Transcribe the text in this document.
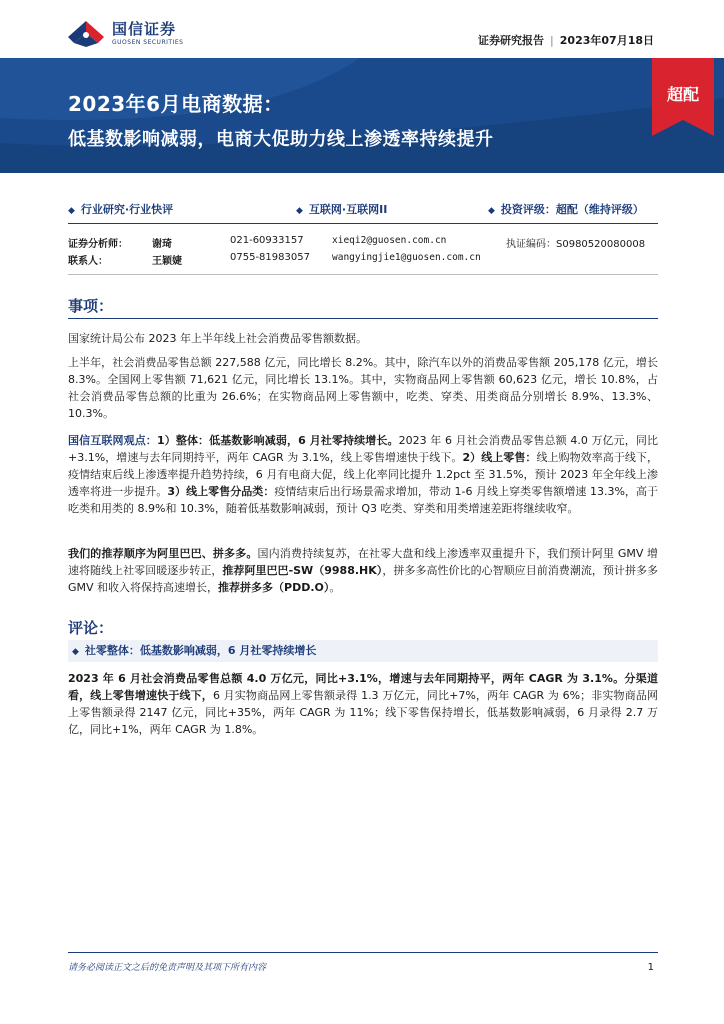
国信证券
GUOSEN SECURITIES	证券研究报告 | 2023年07月18日
2023年6月电商数据：
低基数影响减弱，电商大促助力线上渗透率持续提升
超配
◆ 行业研究·行业快评	◆ 互联网·互联网II	◆ 投资评级：超配（维持评级）
证券分析师： 谢琦	021-60933157	xieqi2@guosen.com.cn	执证编码：S0980520080008
联系人：	王颖婕	0755-81983057 wangyingjie1@guosen.com.cn
事项：
国家统计局公布 2023 年上半年线上社会消费品零售额数据。
上半年，社会消费品零售总额 227,588 亿元，同比增长 8.2%。其中，除汽车以外的消费品零售额 205,178 亿元，增长 8.3%。全国网上零售额 71,621 亿元，同比增长 13.1%。其中，实物商品网上零售额 60,623 亿元，增长 10.8%，占社会消费品零售总额的比重为 26.6%；在实物商品网上零售额中，吃类、穿类、用类商品分别增长 8.9%、13.3%、10.3%。
国信互联网观点：1）整体：低基数影响减弱，6 月社零持续增长。2023 年 6 月社会消费品零售总额 4.0 万亿元，同比+3.1%，增速与去年同期持平，两年 CAGR 为 3.1%，线上零售增速快于线下。2）线上零售：线上购物效率高于线下，疫情结束后线上渗透率提升趋势持续，6 月有电商大促，线上化率同比提升 1.2pct 至 31.5%，预计 2023 年全年线上渗透率将进一步提升。3）线上零售分品类：疫情结束后出行场景需求增加，带动 1-6 月线上穿类零售额增速 13.3%，高于吃类和用类的 8.9%和 10.3%，随着低基数影响减弱，预计 Q3 吃类、穿类和用类增速差距将继续收窄。
我们的推荐顺序为阿里巴巴、拼多多。国内消费持续复苏，在社零大盘和线上渗透率双重提升下，我们预计阿里 GMV 增速将随线上社零回暖逐步转正，推荐阿里巴巴-SW（9988.HK），拼多多高性价比的心智顺应目前消费潮流，预计拼多多 GMV 和收入将保持高速增长，推荐拼多多（PDD.O）。
评论：
◆ 社零整体：低基数影响减弱，6 月社零持续增长
2023 年 6 月社会消费品零售总额 4.0 万亿元，同比+3.1%，增速与去年同期持平，两年 CAGR 为 3.1%。分渠道看，线上零售增速快于线下，6 月实物商品网上零售额录得 1.3 万亿元，同比+7%，两年 CAGR 为 6%；非实物商品网上零售额录得 2147 亿元，同比+35%，两年 CAGR 为 11%；线下零售保持增长，低基数影响减弱，6 月录得 2.7 万亿，同比+1%，两年 CAGR 为 1.8%。
请务必阅读正文之后的免责声明及其项下所有内容	1
